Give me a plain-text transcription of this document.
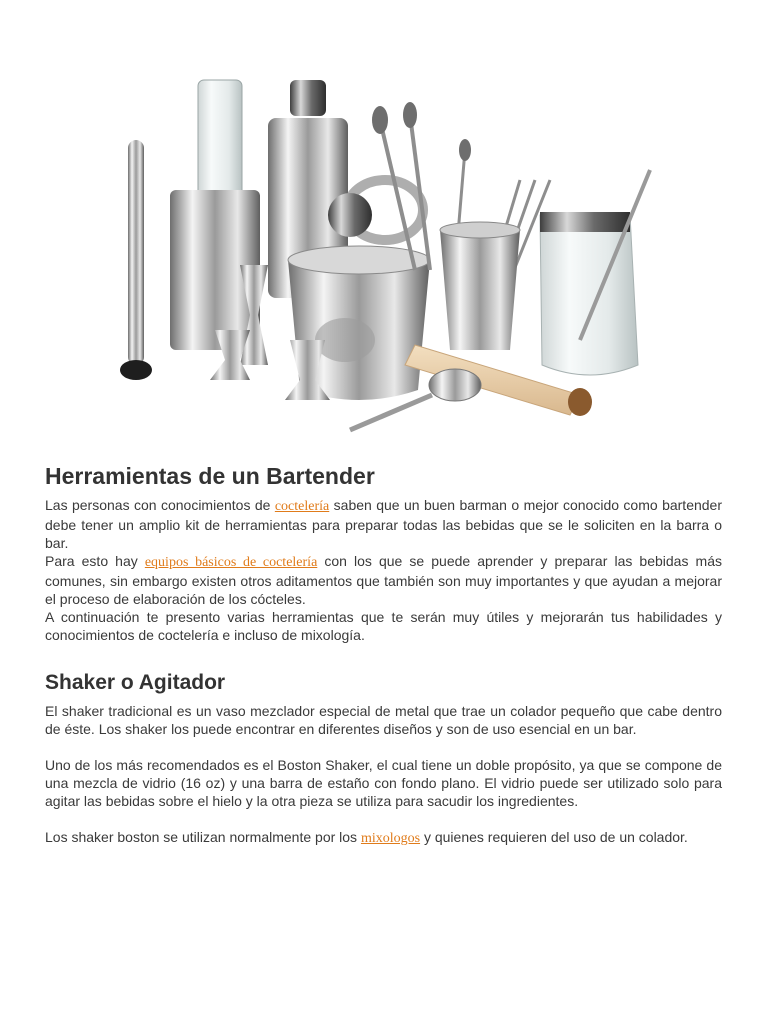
Herramientas de un Bartender

Las personas con conocimientos de coctelería saben que un buen barman o mejor conocido como bartender debe tener un amplio kit de herramientas para preparar todas las bebidas que se le soliciten en la barra o bar.

Para esto hay equipos básicos de coctelería con los que se puede aprender y preparar las bebidas más comunes, sin embargo existen otros aditamentos que también son muy importantes y que ayudan a mejorar el proceso de elaboración de los cócteles.

A continuación te presento varias herramientas que te serán muy útiles y mejorarán tus habilidades y conocimientos de coctelería e incluso de mixología.

Shaker o Agitador

El shaker tradicional es un vaso mezclador especial de metal que trae un colador pequeño que cabe dentro de éste. Los shaker los puede encontrar en diferentes diseños y son de uso esencial en un bar.

Uno de los más recomendados es el Boston Shaker, el cual tiene un doble propósito, ya que se compone de una mezcla de vidrio (16 oz) y una barra de estaño con fondo plano. El vidrio puede ser utilizado solo para agitar las bebidas sobre el hielo y la otra pieza se utiliza para sacudir los ingredientes.

Los shaker boston se utilizan normalmente por los mixologos y quienes requieren del uso de un colador.
